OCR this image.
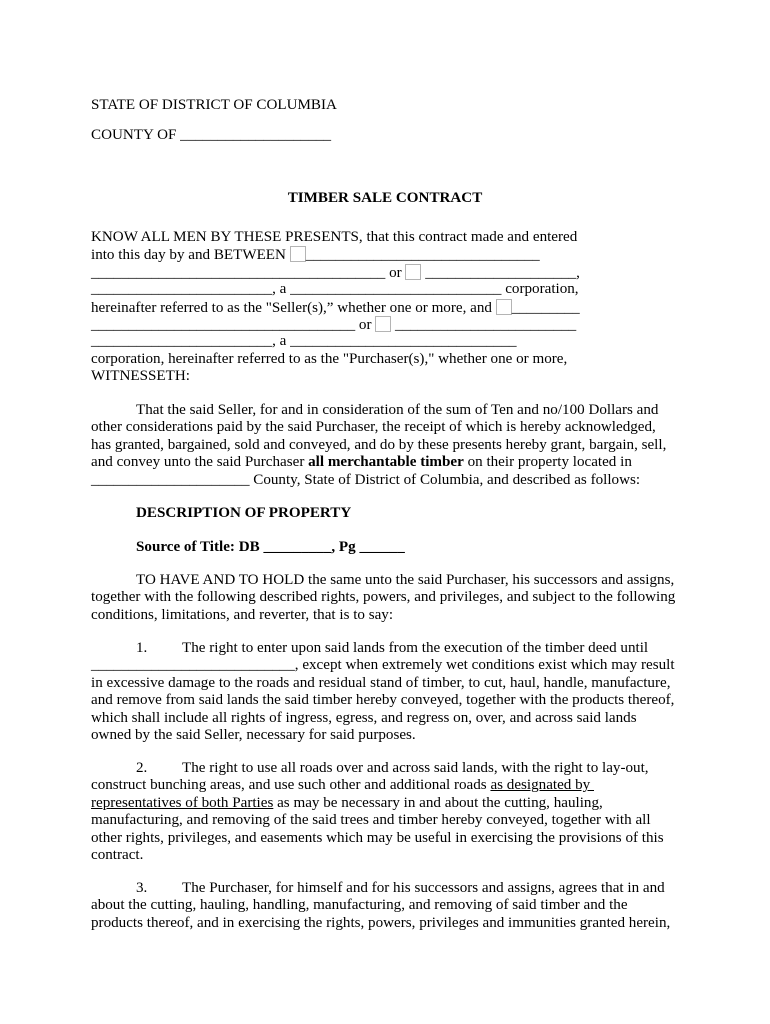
STATE OF DISTRICT OF COLUMBIA
COUNTY OF ____________________
TIMBER SALE CONTRACT
KNOW ALL MEN BY THESE PRESENTS, that this contract made and entered
into this day by and BETWEEN _______________________________
_______________________________________ or  ____________________,
________________________, a ____________________________ corporation,
hereinafter referred to as the "Seller(s),” whether one or more, and _________
___________________________________ or  ________________________
________________________, a ______________________________
corporation, hereinafter referred to as the "Purchaser(s)," whether one or more,
WITNESSETH:
That the said Seller, for and in consideration of the sum of Ten and no/100 Dollars and
other considerations paid by the said Purchaser, the receipt of which is hereby acknowledged,
has granted, bargained, sold and conveyed, and do by these presents hereby grant, bargain, sell,
and convey unto the said Purchaser all merchantable timber on their property located in
_____________________ County, State of District of Columbia, and described as follows:
DESCRIPTION OF PROPERTY
Source of Title: DB _________, Pg ______
TO HAVE AND TO HOLD the same unto the said Purchaser, his successors and assigns,
together with the following described rights, powers, and privileges, and subject to the following
conditions, limitations, and reverter, that is to say:
1. The right to enter upon said lands from the execution of the timber deed until
___________________________, except when extremely wet conditions exist which may result
in excessive damage to the roads and residual stand of timber, to cut, haul, handle, manufacture,
and remove from said lands the said timber hereby conveyed, together with the products thereof,
which shall include all rights of ingress, egress, and regress on, over, and across said lands
owned by the said Seller, necessary for said purposes.
2. The right to use all roads over and across said lands, with the right to lay-out,
construct bunching areas, and use such other and additional roads as designated by
representatives of both Parties as may be necessary in and about the cutting, hauling,
manufacturing, and removing of the said trees and timber hereby conveyed, together with all
other rights, privileges, and easements which may be useful in exercising the provisions of this
contract.
3. The Purchaser, for himself and for his successors and assigns, agrees that in and
about the cutting, hauling, handling, manufacturing, and removing of said timber and the
products thereof, and in exercising the rights, powers, privileges and immunities granted herein,
